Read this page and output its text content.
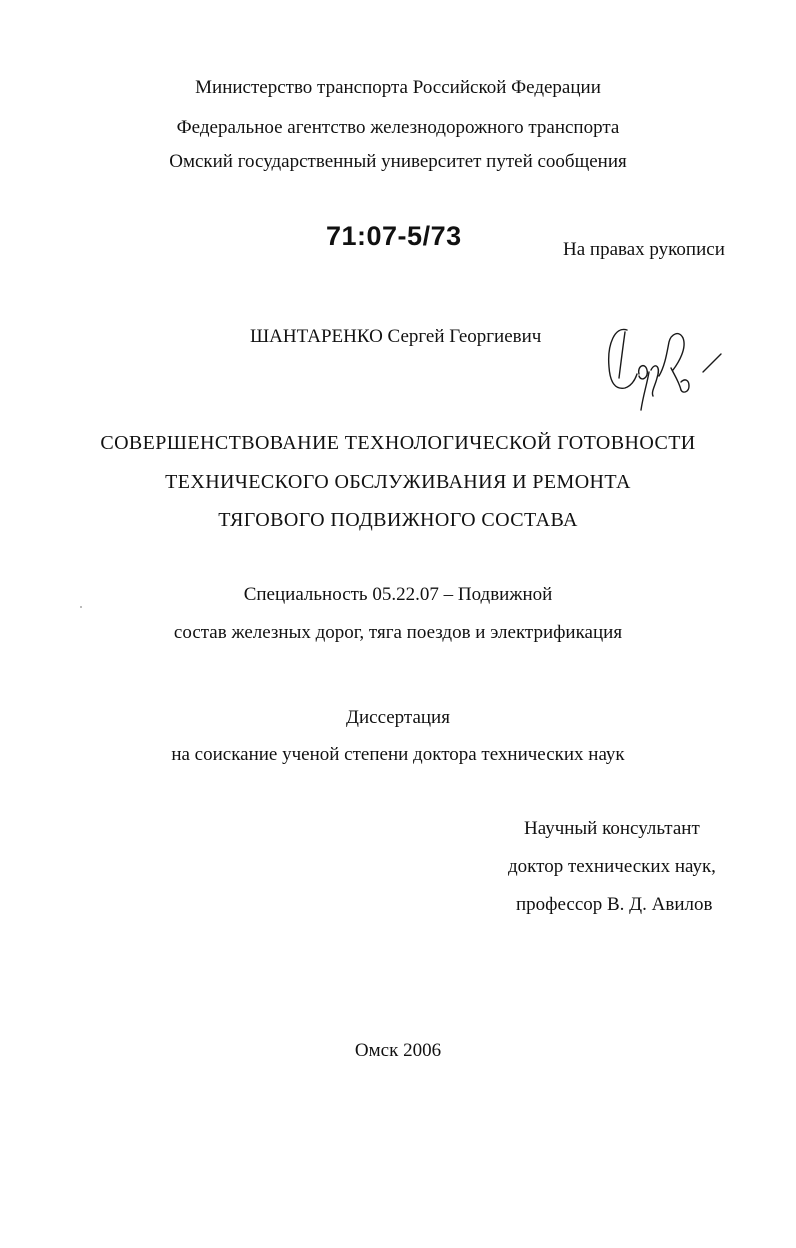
Министерство транспорта Российской Федерации
Федеральное агентство железнодорожного транспорта
Омский государственный университет путей сообщения
71:07-5/73	На правах рукописи
ШАНТАРЕНКО Сергей Георгиевич
СОВЕРШЕНСТВОВАНИЕ ТЕХНОЛОГИЧЕСКОЙ ГОТОВНОСТИ
ТЕХНИЧЕСКОГО ОБСЛУЖИВАНИЯ И РЕМОНТА
ТЯГОВОГО ПОДВИЖНОГО СОСТАВА
Специальность 05.22.07 – Подвижной
состав железных дорог, тяга поездов и электрификация
Диссертация
на соискание ученой степени доктора технических наук
Научный консультант
доктор технических наук,
профессор В. Д. Авилов
Омск 2006
